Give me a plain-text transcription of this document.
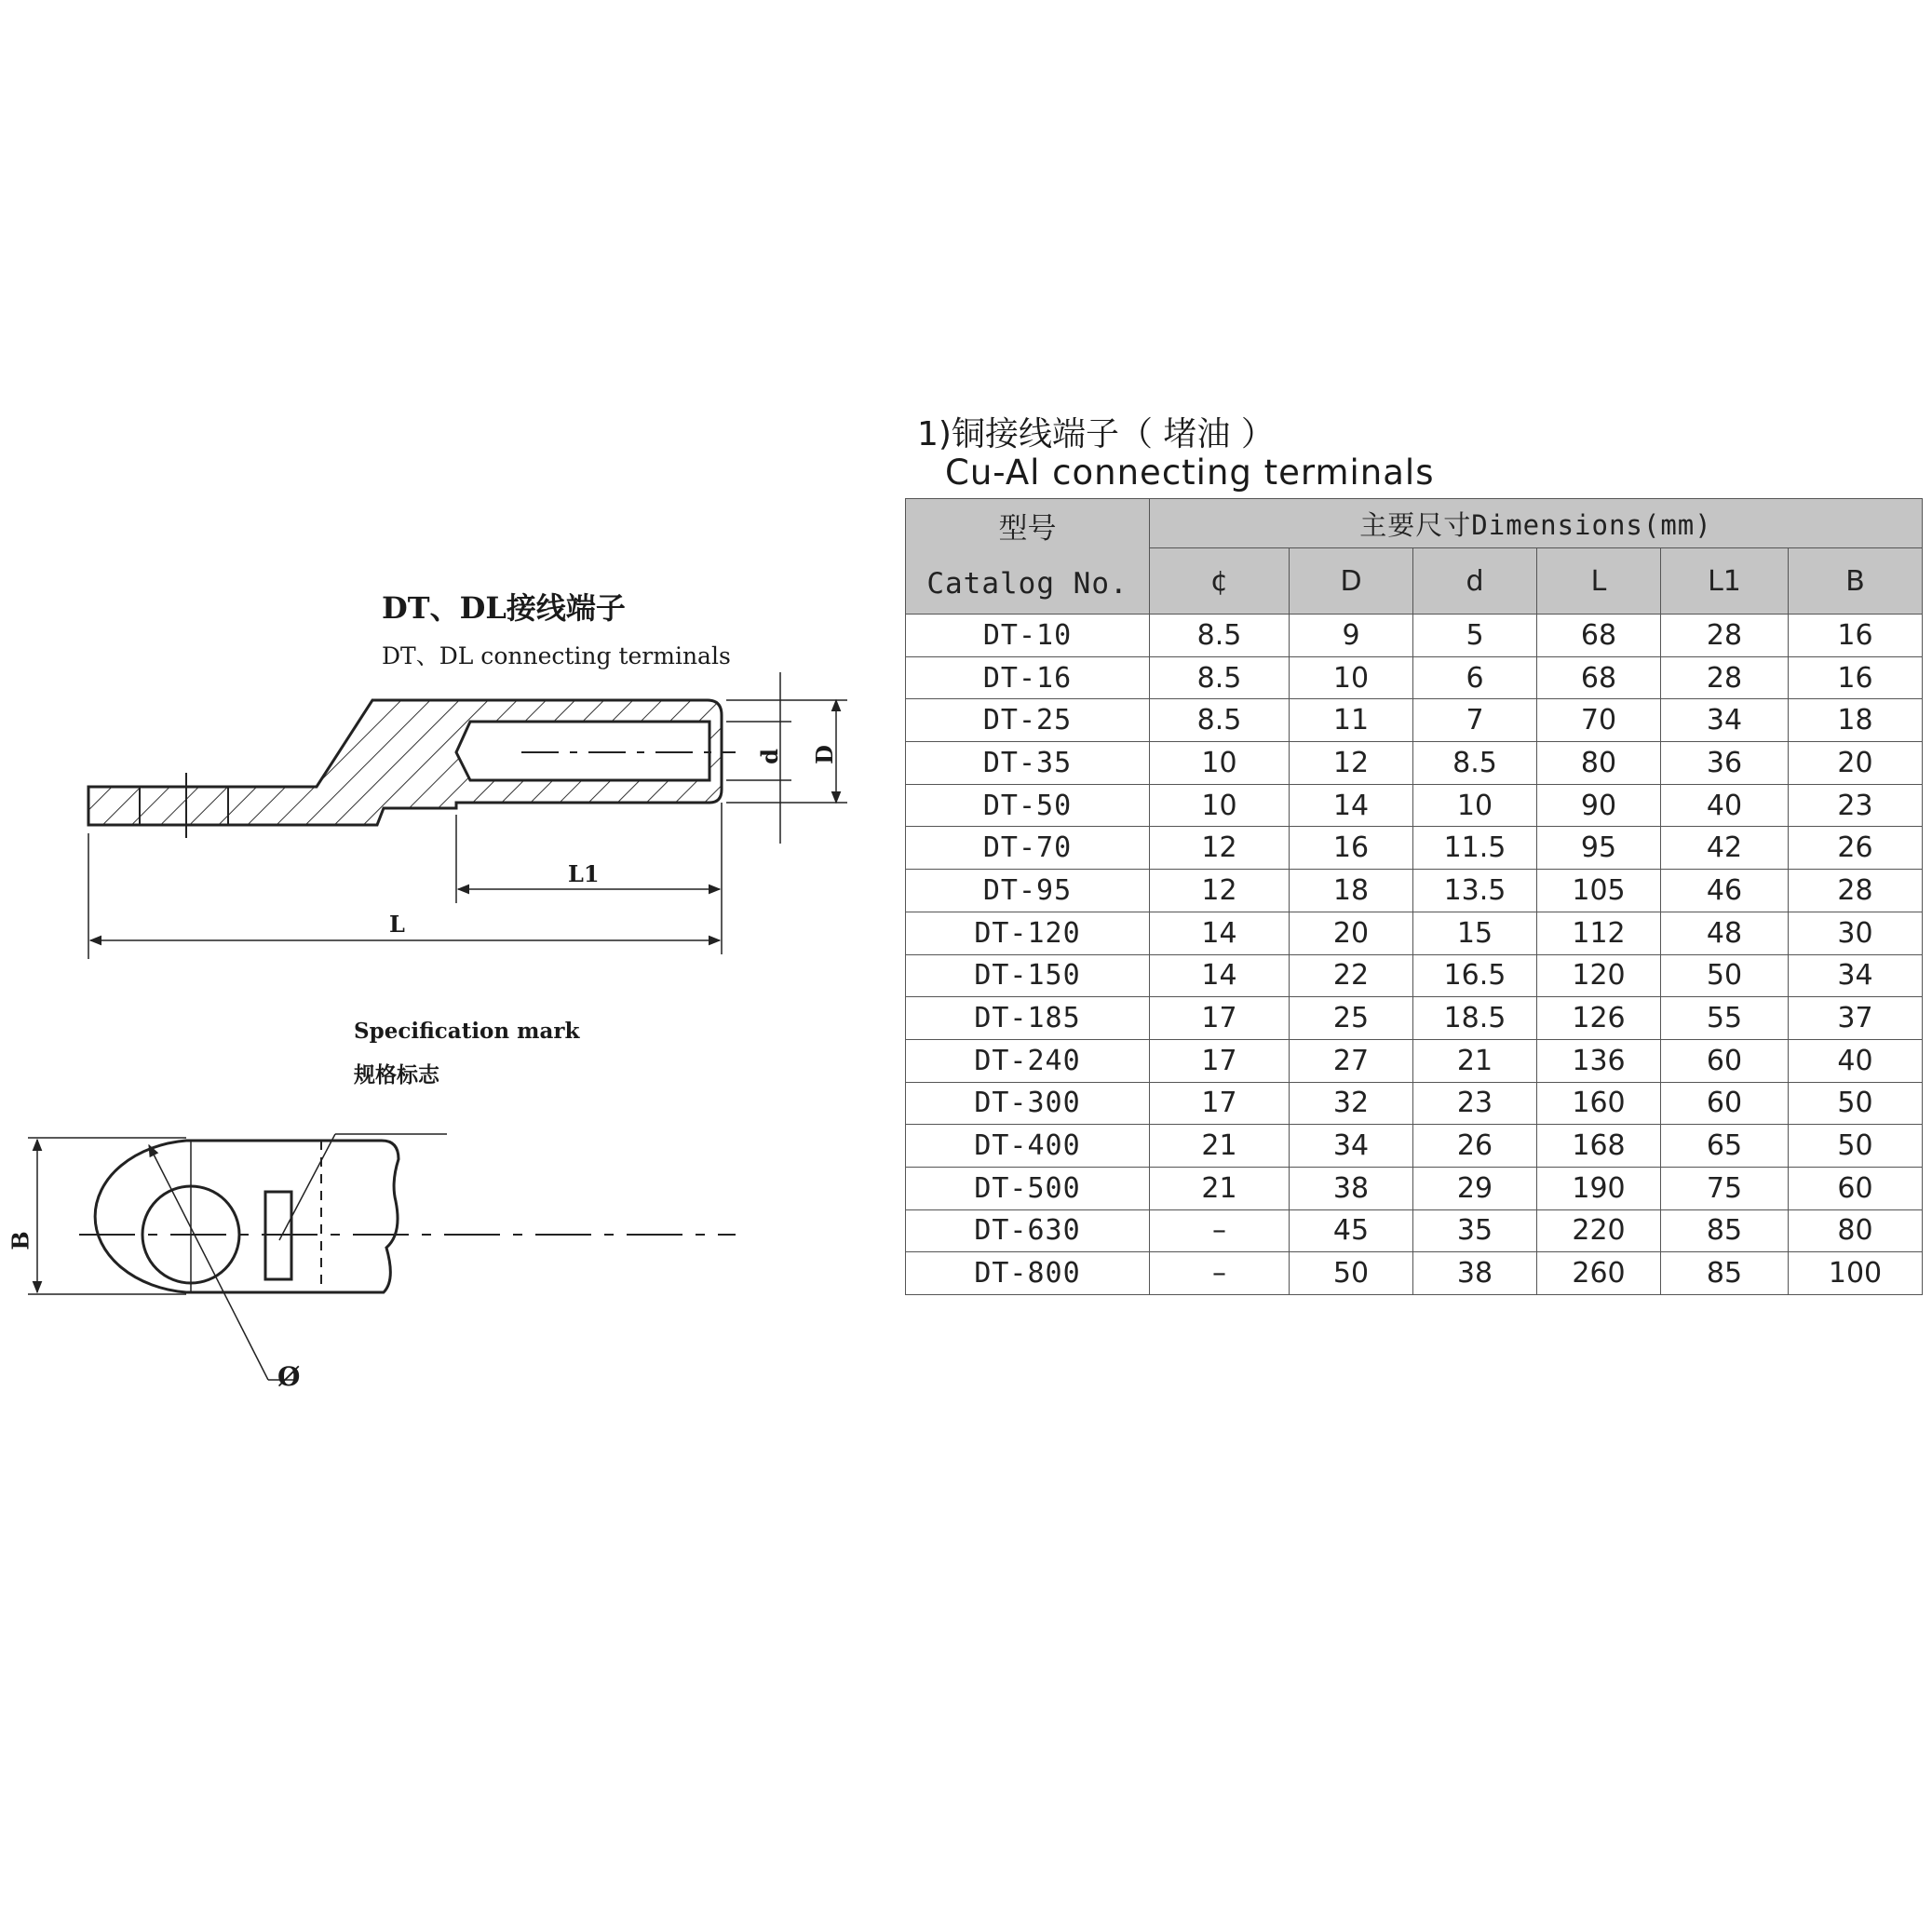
DT、DL接线端子
DT、DL connecting terminals
d D
L1
L
Specification mark
规格标志
B
Ø
1)铜接线端子（ 堵油 ）
Cu-Al connecting terminals
型号
Catalog No.	主要尺寸Dimensions(mm)					
	¢	D	d	L	L1	B
DT-10	8.5	9	5	68	28	16
DT-16	8.5	10	6	68	28	16
DT-25	8.5	11	7	70	34	18
DT-35	10	12	8.5	80	36	20
DT-50	10	14	10	90	40	23
DT-70	12	16	11.5	95	42	26
DT-95	12	18	13.5	105	46	28
DT-120	14	20	15	112	48	30
DT-150	14	22	16.5	120	50	34
DT-185	17	25	18.5	126	55	37
DT-240	17	27	21	136	60	40
DT-300	17	32	23	160	60	50
DT-400	21	34	26	168	65	50
DT-500	21	38	29	190	75	60
DT-630	–	45	35	220	85	80
DT-800	–	50	38	260	85	100
